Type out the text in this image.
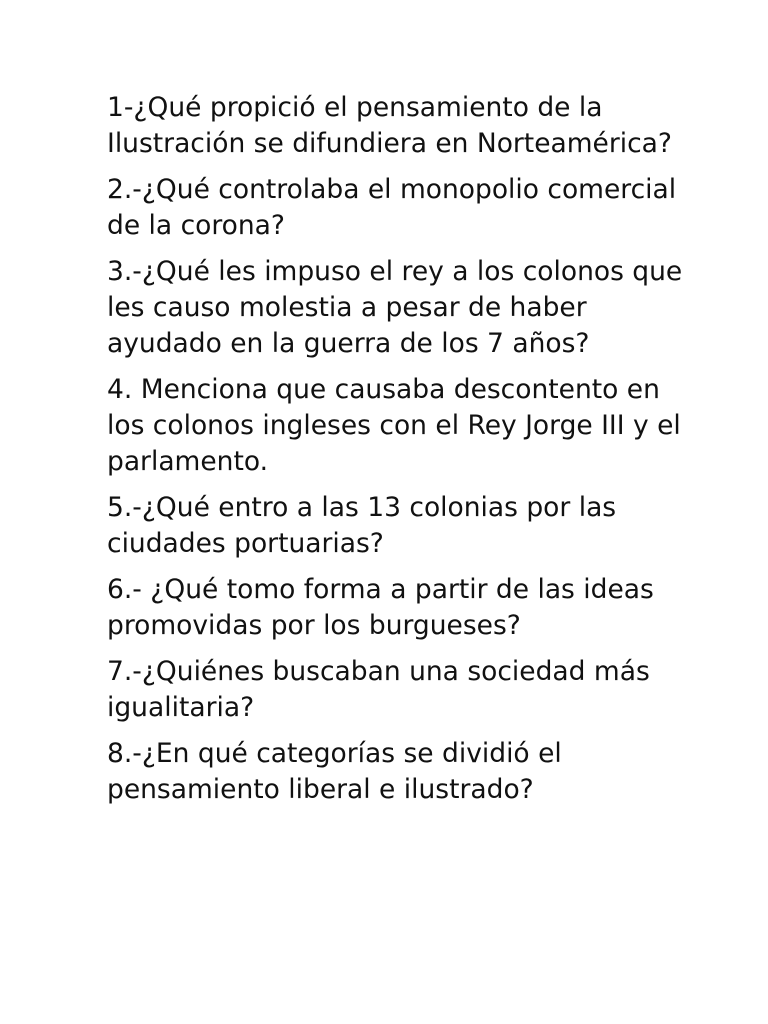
1-¿Qué propició el pensamiento de la Ilustración se difundiera en Norteamérica?
2.-¿Qué controlaba el monopolio comercial de la corona?
3.-¿Qué les impuso el rey a los colonos que les causo molestia a pesar de haber ayudado en la guerra de los 7 años?
4. Menciona que causaba descontento en los colonos ingleses con el Rey Jorge III y el parlamento.
5.-¿Qué entro a las 13 colonias por las ciudades portuarias?
6.- ¿Qué tomo forma a partir de las ideas promovidas por los burgueses?
7.-¿Quiénes buscaban una sociedad más igualitaria?
8.-¿En qué categorías se dividió el pensamiento liberal e ilustrado?
